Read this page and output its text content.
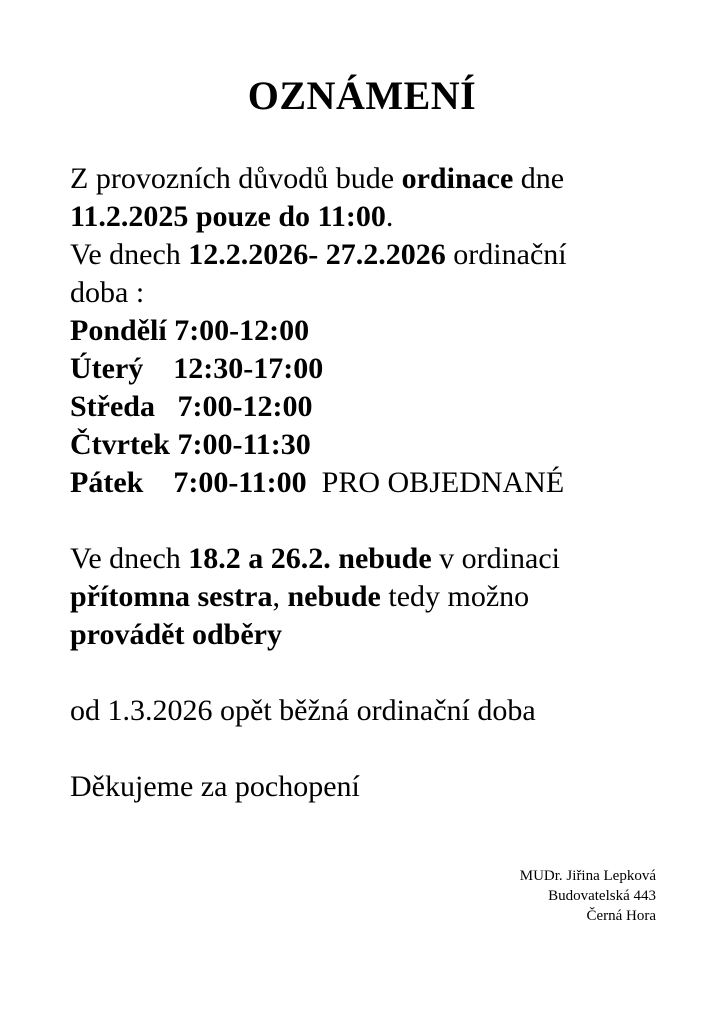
OZNÁMENÍ

Z provozních důvodů bude ordinace dne
11.2.2025 pouze do 11:00.

Ve dnech 12.2.2026- 27.2.2026 ordinační
doba :

Pondělí 7:00-12:00
Úterý 12:30-17:00
Středa 7:00-12:00
Čtvrtek 7:00-11:30
Pátek 7:00-11:00  PRO OBJEDNANÉ

Ve dnech 18.2 a 26.2. nebude v ordinaci
přítomna sestra, nebude tedy možno
provádět odběry

od 1.3.2026 opět běžná ordinační doba

Děkujeme za pochopení

MUDr. Jiřina Lepková
Budovatelská 443
Černá Hora
